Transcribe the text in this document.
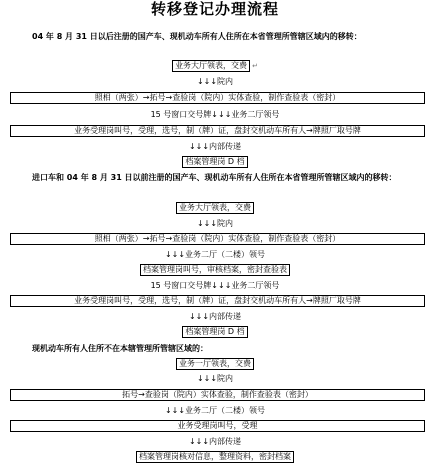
转移登记办理流程
04 年 8 月 31 日以后注册的国产车、现机动车所有人住所在本省管理所管辖区域内的移转：
业务大厅领表，交费 ↵
↓↓↓院内
照相（两张）→拓号→查验岗（院内）实体查验，制作查验表（密封）
15 号窗口交号牌↓↓↓业务二厅领号
业务受理岗叫号，受理，选号，制（牌）证，盘封交机动车所有人→牌照厂取号牌
↓↓↓内部传递
档案管理岗 D 档
进口车和 04 年 8 月 31 日以前注册的国产车、现机动车所有人住所在本省管理所管辖区域内的移转：
业务大厅领表，交费
↓↓↓院内
照相（两张）→拓号→查验岗（院内）实体查验，制作查验表（密封）
↓↓↓业务二厅（二楼）领号
档案管理岗叫号，审核档案，密封查验表
15 号窗口交号牌↓↓↓业务二厅领号
业务受理岗叫号，受理，选号，制（牌）证，盘封交机动车所有人→牌照厂取号牌
↓↓↓内部传递
档案管理岗 D 档
现机动车所有人住所不在本辖管理所管辖区域的：
业务一厅领表，交费
↓↓↓院内
拓号→查验岗（院内）实体查验，制作查验表（密封）
↓↓↓业务二厅（二楼）领号
业务受理岗叫号，受理
↓↓↓内部传递
档案管理岗核对信息，整理资料，密封档案
